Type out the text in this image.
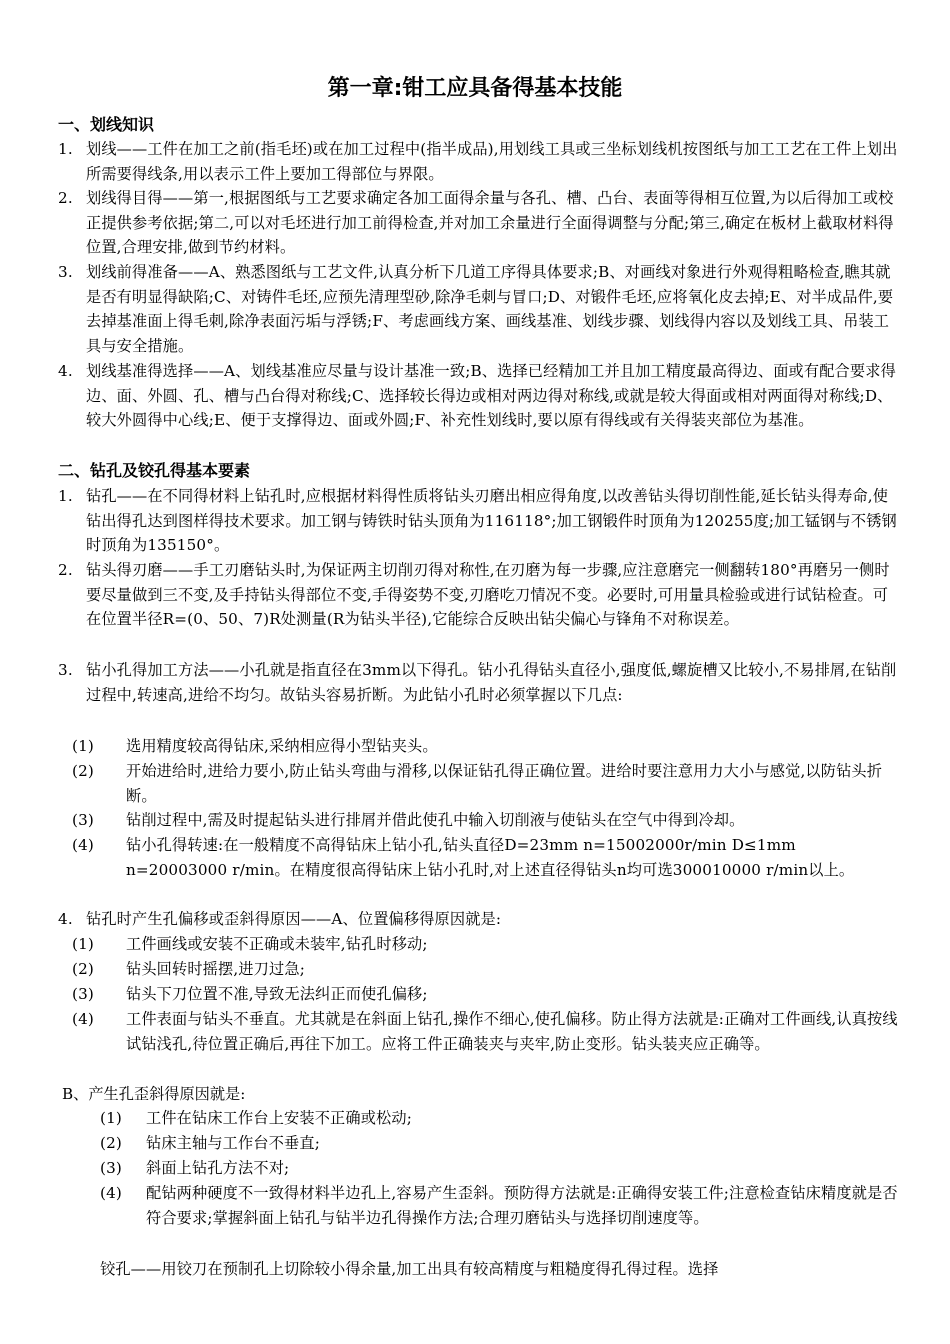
第一章:钳工应具备得基本技能
一、划线知识
1. 划线——工件在加工之前(指毛坯)或在加工过程中(指半成品),用划线工具或三坐标划线机按图纸与加工工艺在工件上划出所需要得线条,用以表示工件上要加工得部位与界限。
2. 划线得目得——第一,根据图纸与工艺要求确定各加工面得余量与各孔、槽、凸台、表面等得相互位置,为以后得加工或校正提供参考依据;第二,可以对毛坯进行加工前得检查,并对加工余量进行全面得调整与分配;第三,确定在板材上截取材料得位置,合理安排,做到节约材料。
3. 划线前得准备——A、熟悉图纸与工艺文件,认真分析下几道工序得具体要求;B、对画线对象进行外观得粗略检查,瞧其就是否有明显得缺陷;C、对铸件毛坯,应预先清理型砂,除净毛刺与冒口;D、对锻件毛坯,应将氧化皮去掉;E、对半成品件,要去掉基准面上得毛刺,除净表面污垢与浮锈;F、考虑画线方案、画线基准、划线步骤、划线得内容以及划线工具、吊装工具与安全措施。
4. 划线基准得选择——A、划线基准应尽量与设计基准一致;B、选择已经精加工并且加工精度最高得边、面或有配合要求得边、面、外圆、孔、槽与凸台得对称线;C、选择较长得边或相对两边得对称线,或就是较大得面或相对两面得对称线;D、较大外圆得中心线;E、便于支撑得边、面或外圆;F、补充性划线时,要以原有得线或有关得装夹部位为基准。
二、钻孔及铰孔得基本要素
1. 钻孔——在不同得材料上钻孔时,应根据材料得性质将钻头刃磨出相应得角度,以改善钻头得切削性能,延长钻头得寿命,使钻出得孔达到图样得技术要求。加工钢与铸铁时钻头顶角为116118°;加工钢锻件时顶角为120255度;加工锰钢与不锈钢时顶角为135150°。
2. 钻头得刃磨——手工刃磨钻头时,为保证两主切削刃得对称性,在刃磨为每一步骤,应注意磨完一侧翻转180°再磨另一侧时要尽量做到三不变,及手持钻头得部位不变,手得姿势不变,刃磨吃刀情况不变。必要时,可用量具检验或进行试钻检查。可在位置半径R=(0、50、7)R处测量(R为钻头半径),它能综合反映出钻尖偏心与锋角不对称误差。
3. 钻小孔得加工方法——小孔就是指直径在3mm以下得孔。钻小孔得钻头直径小,强度低,螺旋槽又比较小,不易排屑,在钻削过程中,转速高,进给不均匀。故钻头容易折断。为此钻小孔时必须掌握以下几点:
(1)	选用精度较高得钻床,采纳相应得小型钻夹头。
(2)	开始进给时,进给力要小,防止钻头弯曲与滑移,以保证钻孔得正确位置。进给时要注意用力大小与感觉,以防钻头折断。
(3)	钻削过程中,需及时提起钻头进行排屑并借此使孔中输入切削液与使钻头在空气中得到冷却。
(4)	钻小孔得转速:在一般精度不高得钻床上钻小孔,钻头直径D=23mm n=15002000r/min D≤1mm n=20003000 r/min。在精度很高得钻床上钻小孔时,对上述直径得钻头n均可选300010000 r/min以上。
4. 钻孔时产生孔偏移或歪斜得原因——A、位置偏移得原因就是:
(1)	工件画线或安装不正确或未装牢,钻孔时移动;
(2)	钻头回转时摇摆,进刀过急;
(3)	钻头下刀位置不准,导致无法纠正而使孔偏移;
(4)	工件表面与钻头不垂直。尤其就是在斜面上钻孔,操作不细心,使孔偏移。防止得方法就是:正确对工件画线,认真按线试钻浅孔,待位置正确后,再往下加工。应将工件正确装夹与夹牢,防止变形。钻头装夹应正确等。
B、产生孔歪斜得原因就是:
(1)	工件在钻床工作台上安装不正确或松动;
(2)	钻床主轴与工作台不垂直;
(3)	斜面上钻孔方法不对;
(4)	配钻两种硬度不一致得材料半边孔上,容易产生歪斜。预防得方法就是:正确得安装工件;注意检查钻床精度就是否符合要求;掌握斜面上钻孔与钻半边孔得操作方法;合理刃磨钻头与选择切削速度等。
铰孔——用铰刀在预制孔上切除较小得余量,加工出具有较高精度与粗糙度得孔得过程。选择
